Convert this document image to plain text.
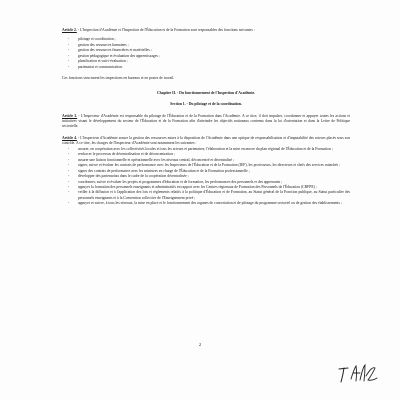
Article 2. - L'Inspection d'Académie et l'Inspection de l'Éducation et de la Formation sont responsables des fonctions suivantes :

- pilotage et coordination ;
- gestion des ressources humaines ;
- gestion des ressources financières et matérielles ;
- gestion pédagogique et évaluation des apprentissages ;
- planification et suivi-évaluation ;
- partenariat et communication.

Ces fonctions structurent les inspections en bureaux et en postes de travail.

Chapitre II. - Du fonctionnement de l'Inspection d'Académie.

Section 1. - Du pilotage et de la coordination.

Article 3. - L'Inspecteur d'Académie est responsable du pilotage de l'Éducation et de la Formation dans l'Académie. A ce titre, il doit impulser, coordonner et appuyer toutes les actions et initiatives visant le développement du secteur de l'Éducation et de la Formation afin d'atteindre les objectifs nationaux contenus dans la loi d'orientation et dans la Lettre de Politique sectorielle.

Article 4. - L'Inspecteur d'Académie assure la gestion des ressources mises à la disposition de l'Académie dans une optique de responsabilisation et d'imputabilité des acteurs placés sous son contrôle. A ce titre, les charges de l'Inspecteur d'Académie sont notamment les suivantes :

- assurer, en coopération avec les collectivités locales et tous les acteurs et partenaires, l'élaboration et la mise en œuvre du plan régional de l'Éducation et de la Formation ;
- renforcer le processus de décentralisation et de déconcentration ;
- assurer une liaison fonctionnelle et opérationnelle avec les niveaux central, déconcentré et décentralisé ;
- signer, suivre et évaluer les contrats de performance avec les Inspecteurs de l'Éducation et de la Formation (IEF), les provisseurs, les directeurs et chefs des services rattachés ;
- signer des contrats de performance avec les ministres en charge de l'Éducation et de la Formation professionnelle ;
- développer des partenariats dans le cadre de la coopération décentralisée ;
- coordonner, suivre et évaluer les projets et programmes d'éducation et de formation, les performances des personnels et des apprenants ;
- appuyer la formation des personnels enseignants et administratifs en rapport avec les Centres régionaux de Formation des Personnels de l'Éducation (CRFPE) ;
- veiller à la diffusion et à l'application des lois et règlements relatifs à la politique d'Éducation et de Formation, au Statut général de la Fonction publique, au Statut particulier des personnels enseignants et à la Convention collective de l'Enseignement privé ;
- appuyer et suivre, à tous les niveaux, la mise en place et le fonctionnement des organes de concertation et de pilotage du programme sectoriel ou de gestion des établissements ;
2
